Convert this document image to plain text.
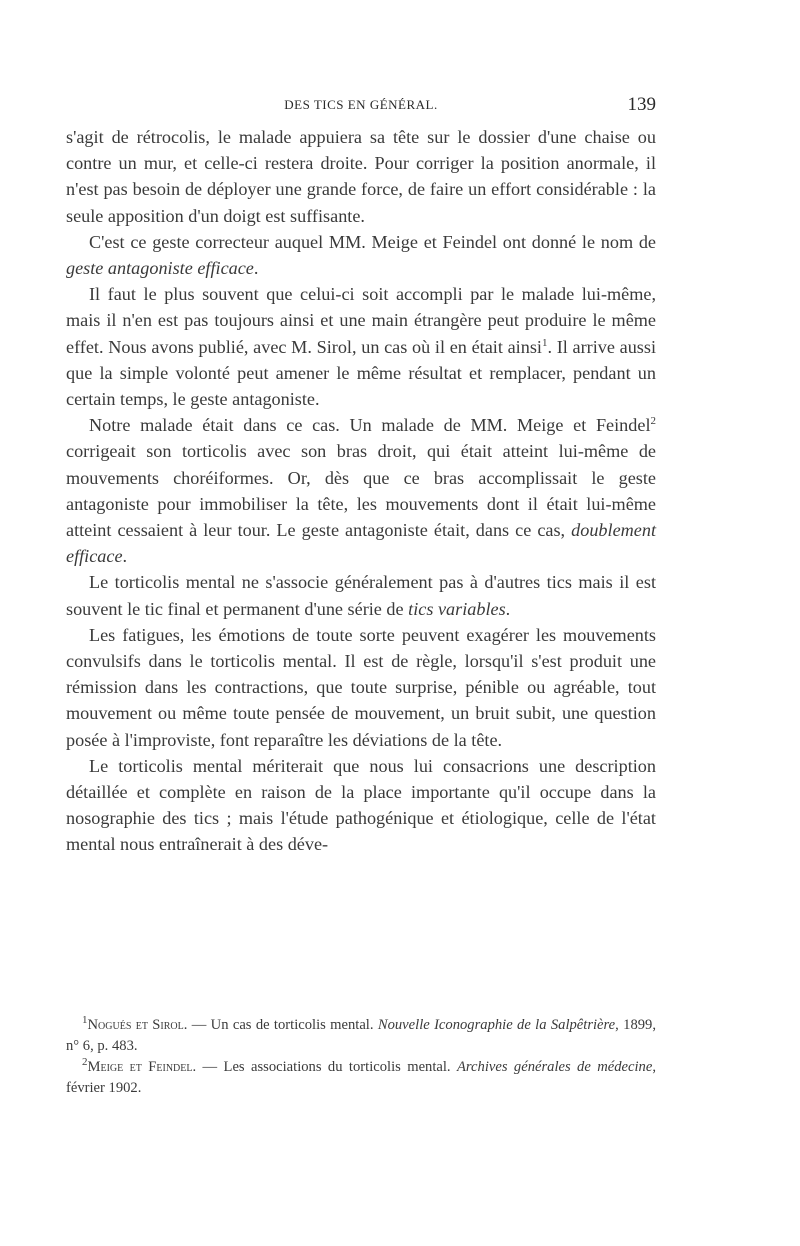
DES TICS EN GÉNÉRAL.	139

s'agit de rétrocolis, le malade appuiera sa tête sur le dossier d'une chaise ou contre un mur, et celle-ci restera droite. Pour corriger la position anormale, il n'est pas besoin de déployer une grande force, de faire un effort considérable : la seule apposition d'un doigt est suffisante.

C'est ce geste correcteur auquel MM. Meige et Feindel ont donné le nom de geste antagoniste efficace.

Il faut le plus souvent que celui-ci soit accompli par le malade lui-même, mais il n'en est pas toujours ainsi et une main étrangère peut produire le même effet. Nous avons publié, avec M. Sirol, un cas où il en était ainsi$^1$. Il arrive aussi que la simple volonté peut amener le même résultat et remplacer, pendant un certain temps, le geste antagoniste.

Notre malade était dans ce cas. Un malade de MM. Meige et Feindel$^2$ corrigeait son torticolis avec son bras droit, qui était atteint lui-même de mouvements choréiformes. Or, dès que ce bras accomplissait le geste antagoniste pour immobiliser la tête, les mouvements dont il était lui-même atteint cessaient à leur tour. Le geste antagoniste était, dans ce cas, doublement efficace.

Le torticolis mental ne s'associe généralement pas à d'autres tics mais il est souvent le tic final et permanent d'une série de tics variables.

Les fatigues, les émotions de toute sorte peuvent exagérer les mouvements convulsifs dans le torticolis mental. Il est de règle, lorsqu'il s'est produit une rémission dans les contractions, que toute surprise, pénible ou agréable, tout mouvement ou même toute pensée de mouvement, un bruit subit, une question posée à l'improviste, font reparaître les déviations de la tête.

Le torticolis mental mériterait que nous lui consacrions une description détaillée et complète en raison de la place importante qu'il occupe dans la nosographie des tics ; mais l'étude pathogénique et étiologique, celle de l'état mental nous entraînerait à des déve-

$^1$Nogués et Sirol. — Un cas de torticolis mental. Nouvelle Iconographie de la Salpêtrière, 1899, n° 6, p. 483.

$^2$Meige et Feindel. — Les associations du torticolis mental. Archives générales de médecine, février 1902.
